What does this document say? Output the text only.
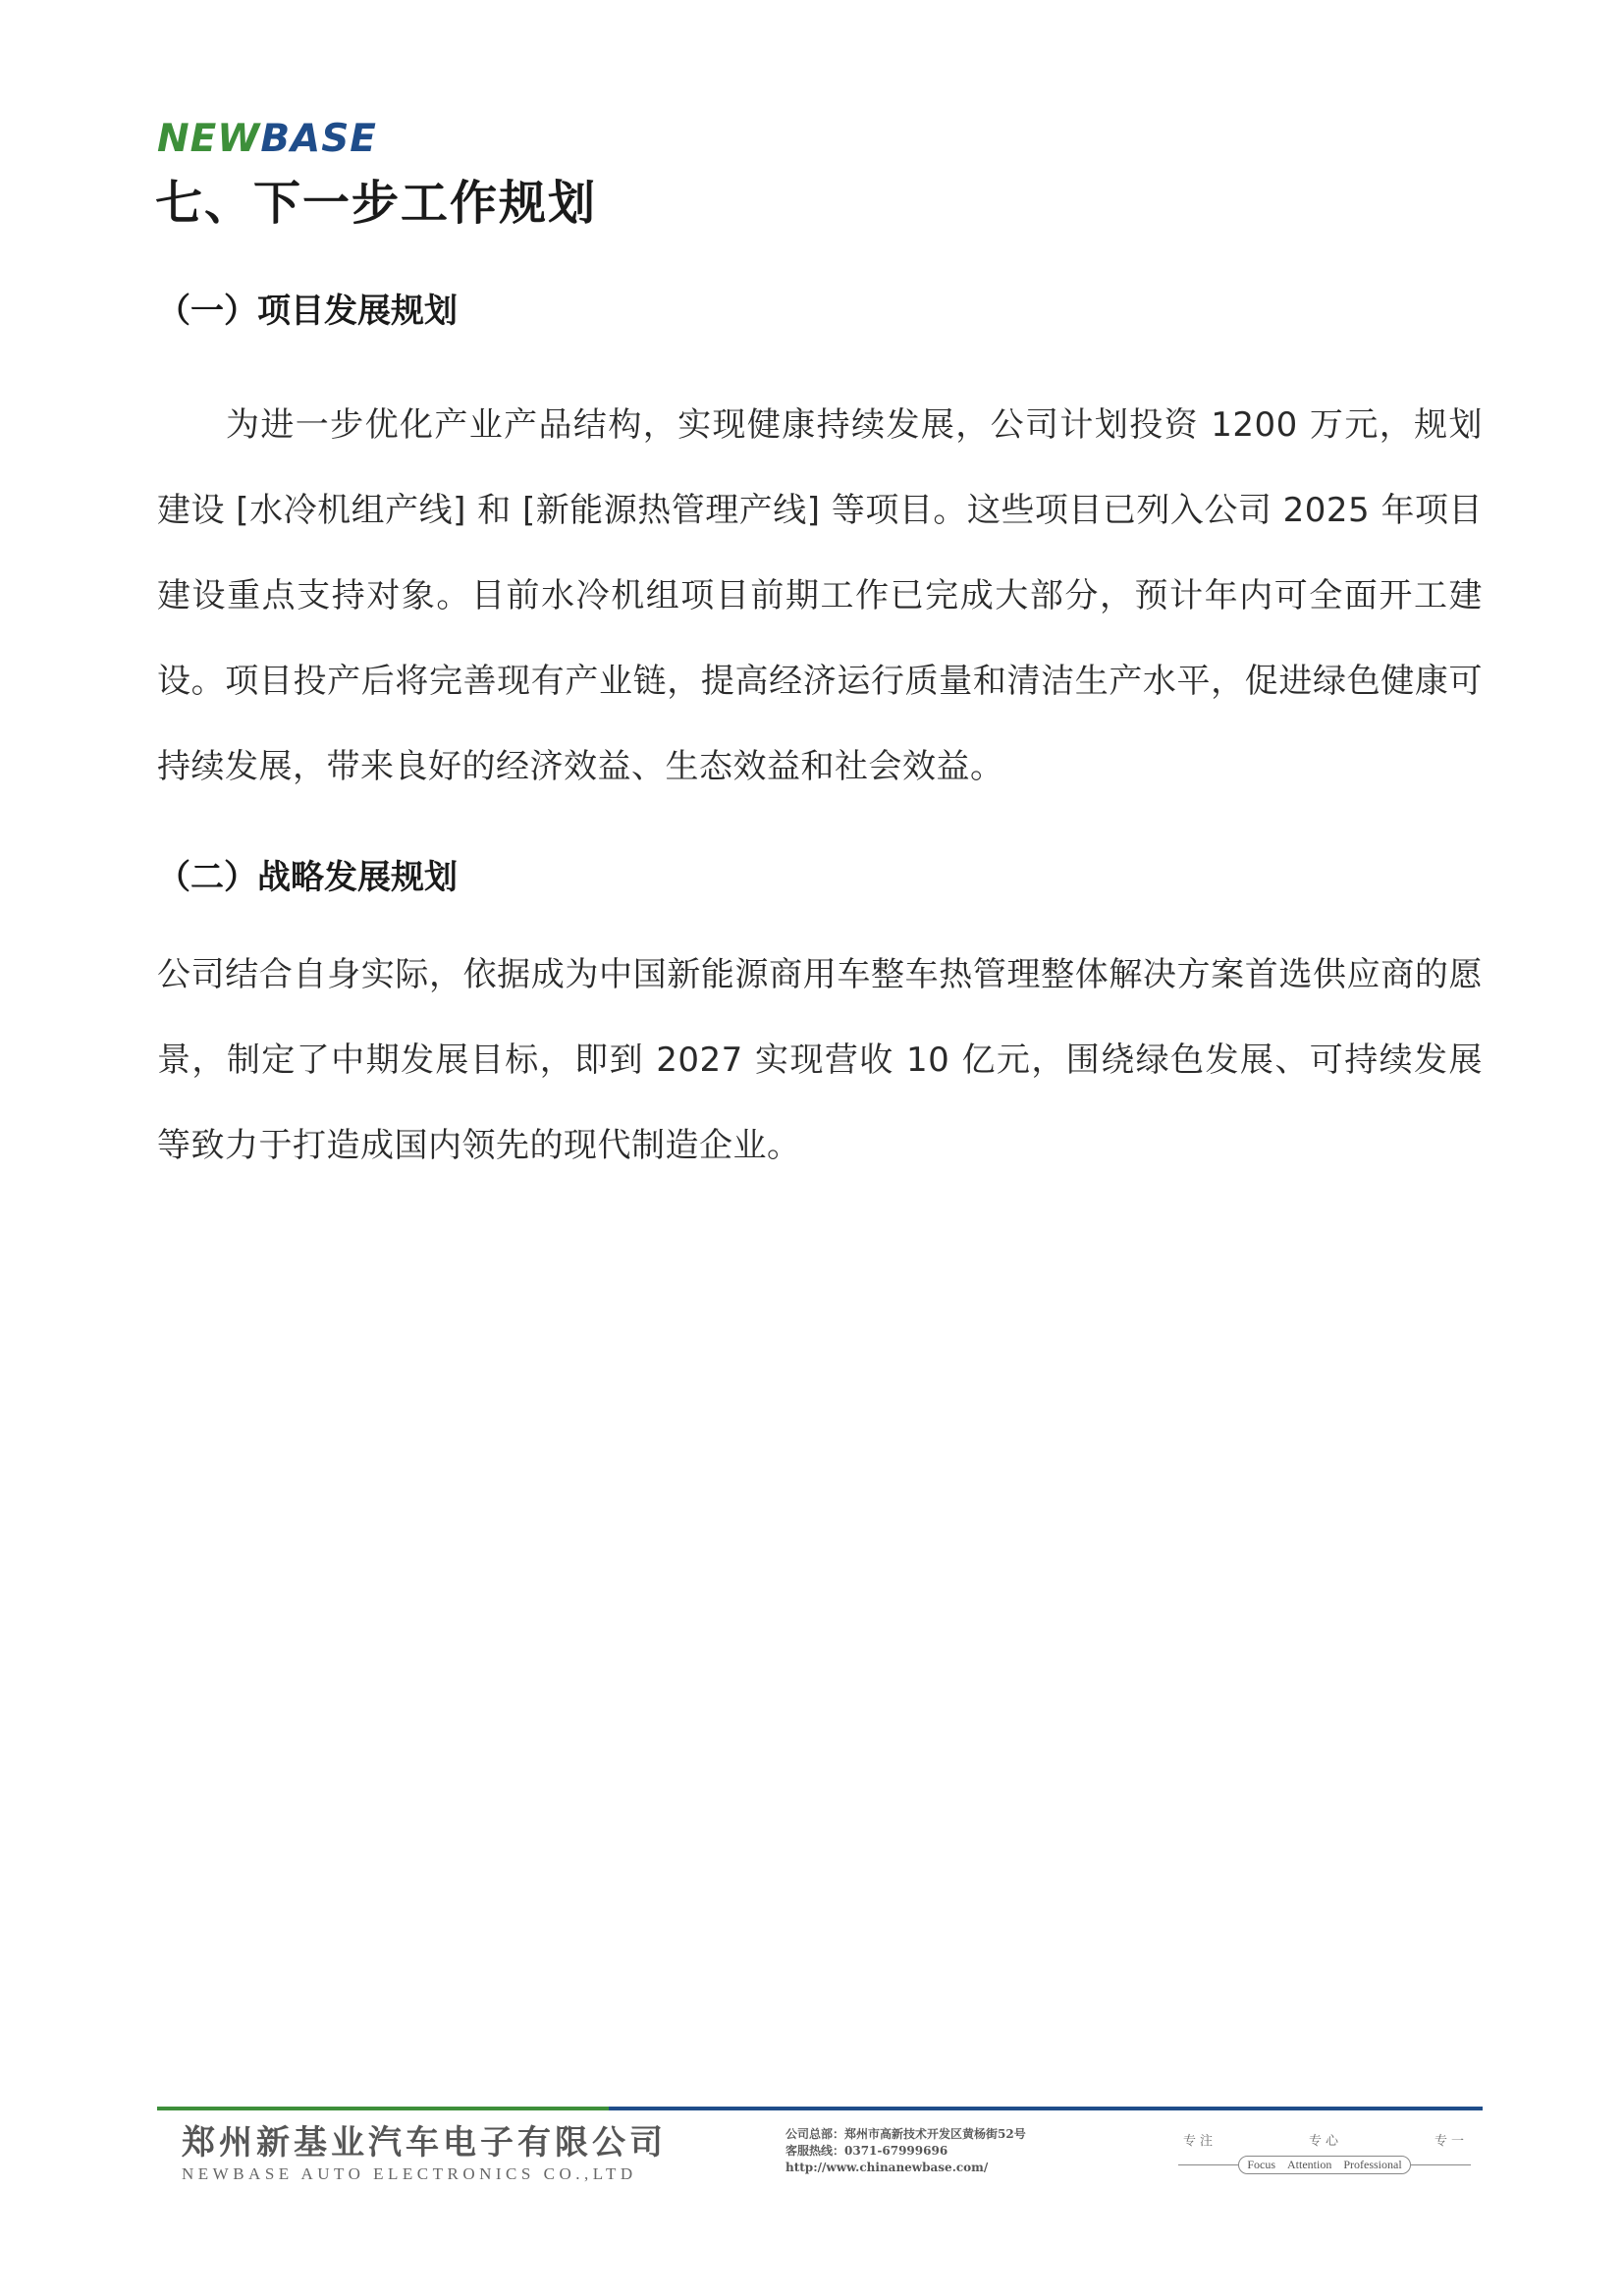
NEWBASE
七、下一步工作规划
（一）项目发展规划

为进一步优化产业产品结构，实现健康持续发展，公司计划投资 1200 万元，规划建设 [水冷机组产线] 和 [新能源热管理产线] 等项目。这些项目已列入公司 2025 年项目建设重点支持对象。目前水冷机组项目前期工作已完成大部分，预计年内可全面开工建设。项目投产后将完善现有产业链，提高经济运行质量和清洁生产水平，促进绿色健康可持续发展，带来良好的经济效益、生态效益和社会效益。

（二）战略发展规划

公司结合自身实际，依据成为中国新能源商用车整车热管理整体解决方案首选供应商的愿景，制定了中期发展目标，即到 2027 实现营收 10 亿元，围绕绿色发展、可持续发展等致力于打造成国内领先的现代制造企业。

郑州新基业汽车电子有限公司
NEWBASE AUTO ELECTRONICS CO.,LTD
公司总部：郑州市高新技术开发区黄杨街52号
客服热线：0371-67999696
http://www.chinanewbase.com/
专注	专心	专一
Focus Attention Professional
